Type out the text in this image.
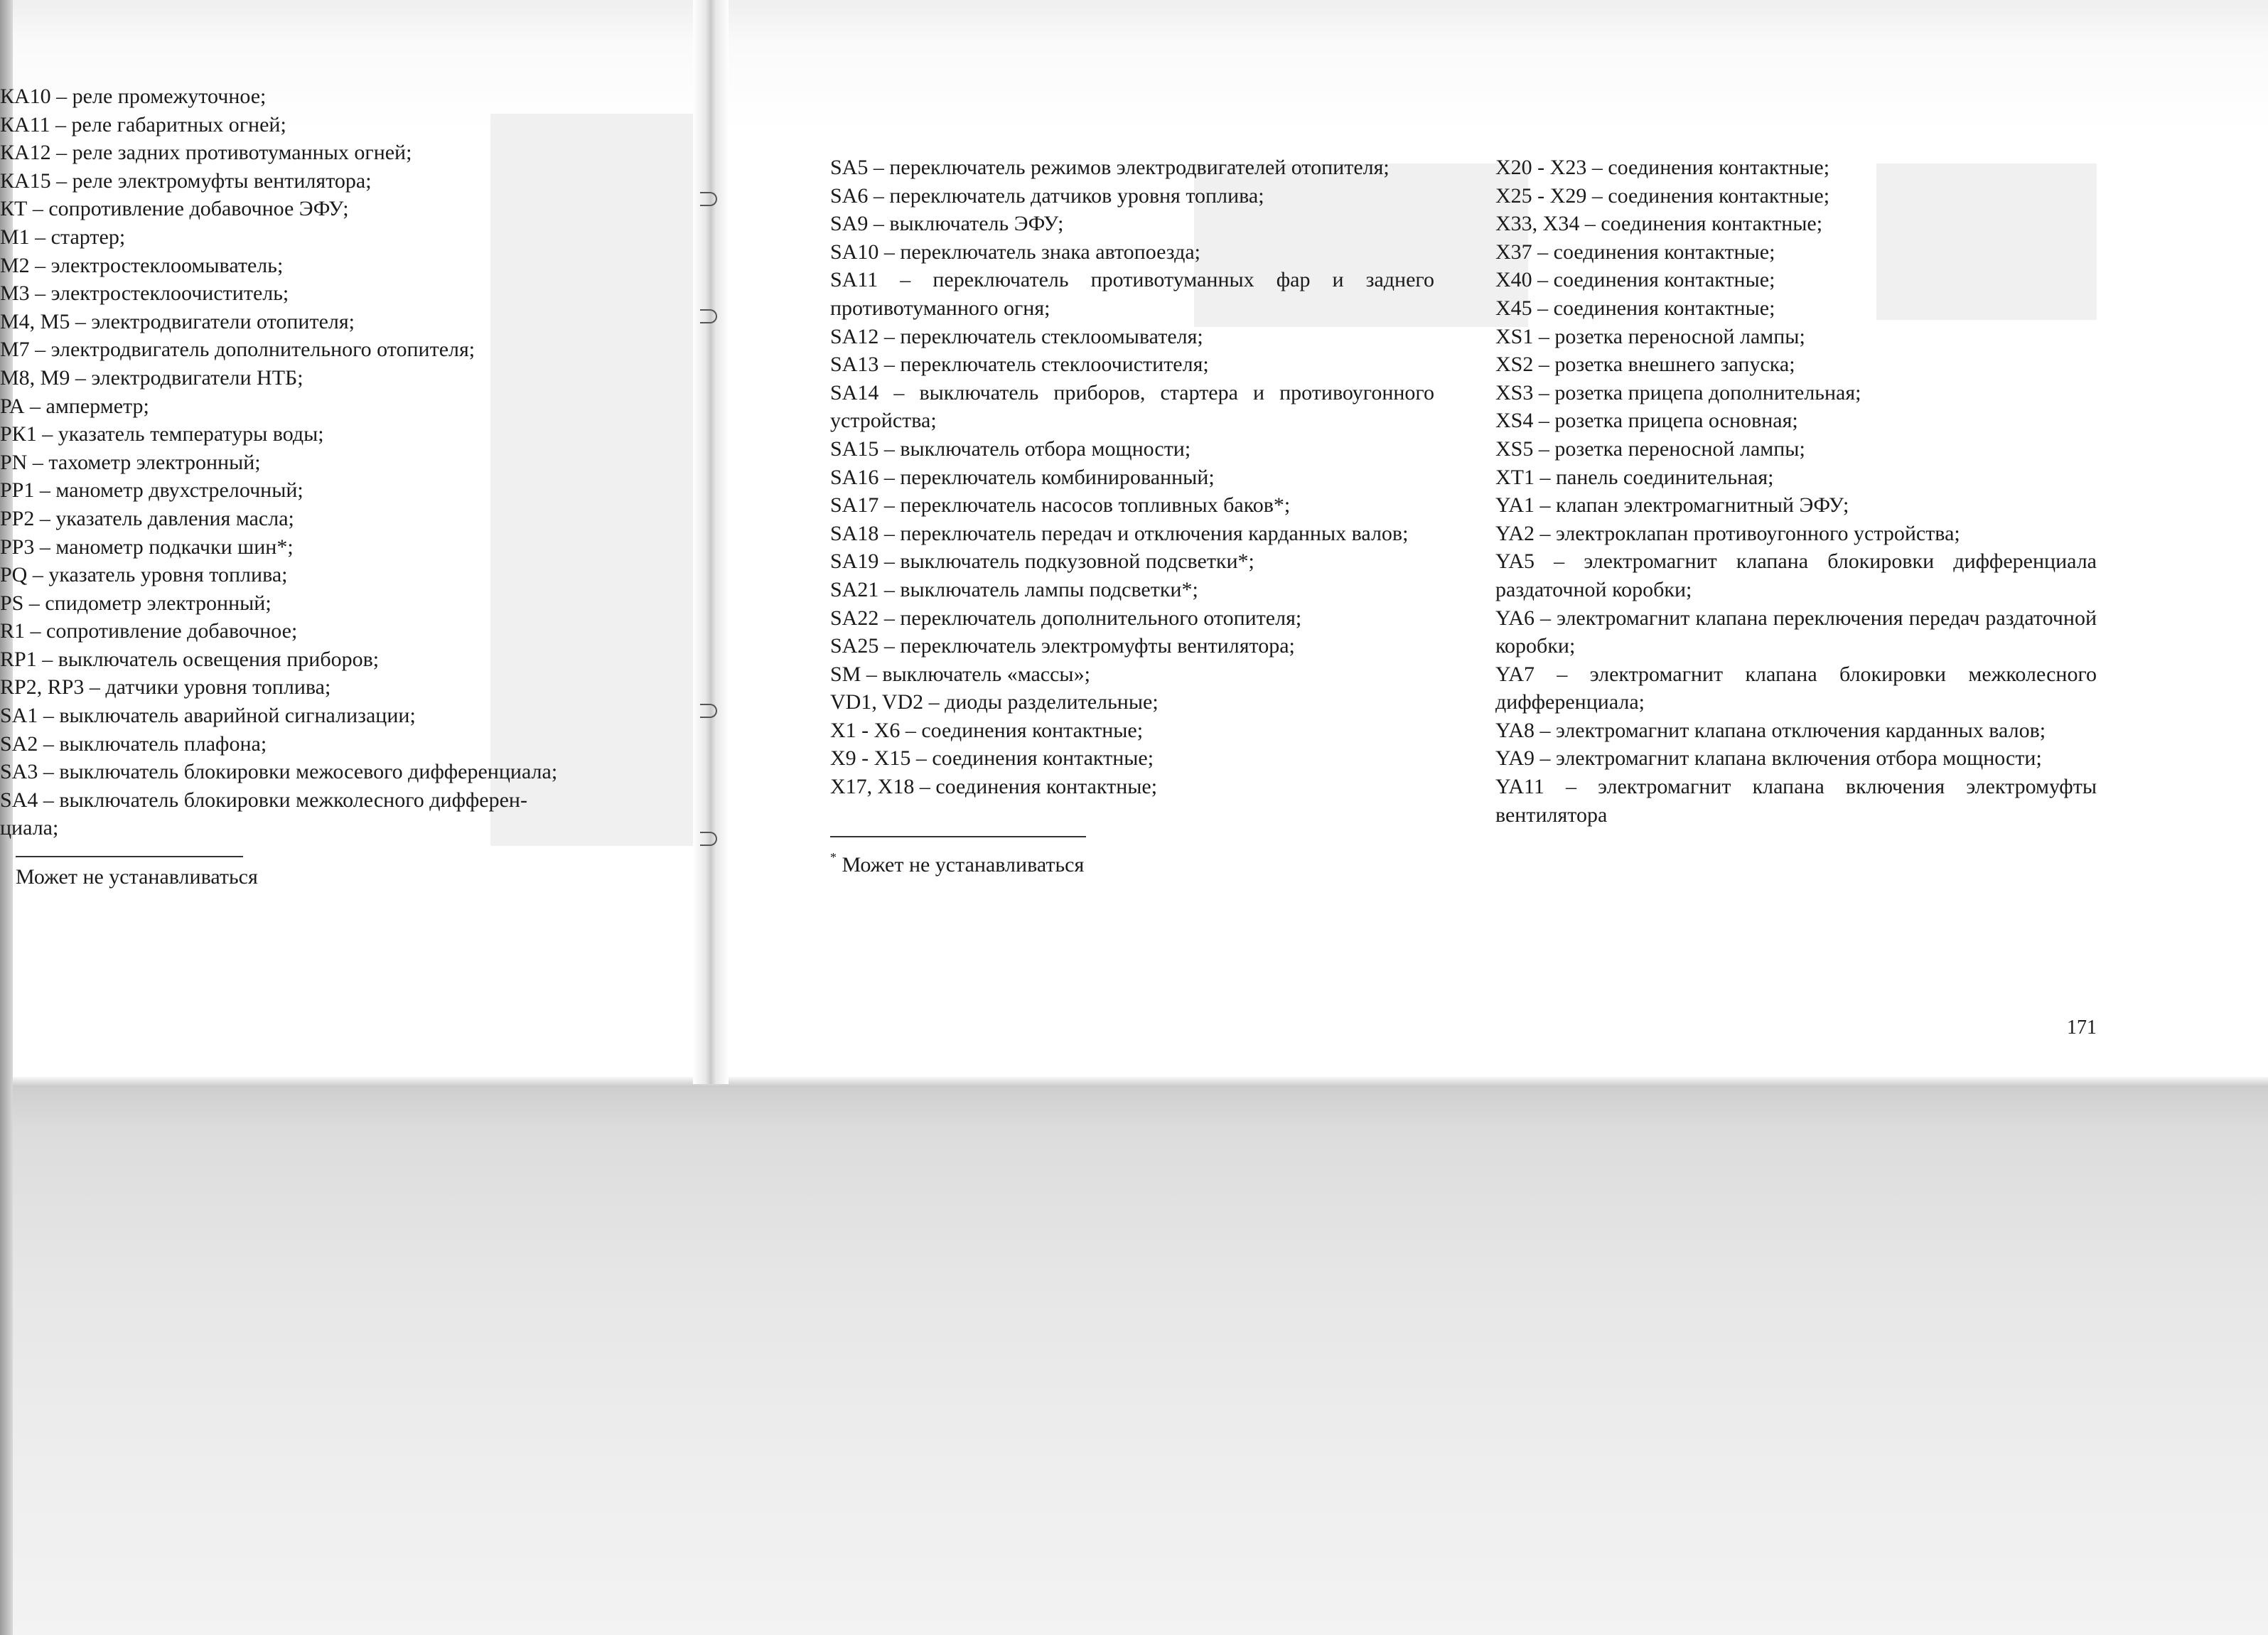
КА10 – реле промежуточное;
КА11 – реле габаритных огней;
КА12 – реле задних противотуманных огней;
КА15 – реле электромуфты вентилятора;
КТ – сопротивление добавочное ЭФУ;
М1 – стартер;
М2 – электростеклоомыватель;
М3 – электростеклоочиститель;
М4, М5 – электродвигатели отопителя;
М7 – электродвигатель дополнительного отопителя;
М8, М9 – электродвигатели НТБ;
РА – амперметр;
РК1 – указатель температуры воды;
РN – тахометр электронный;
РР1 – манометр двухстрелочный;
РР2 – указатель давления масла;
РР3 – манометр подкачки шин*;
РQ – указатель уровня топлива;
РS – спидометр электронный;
R1 – сопротивление добавочное;
RP1 – выключатель освещения приборов;
RP2, RP3 – датчики уровня топлива;
SA1 – выключатель аварийной сигнализации;
SA2 – выключатель плафона;
SA3 – выключатель блокировки межосевого дифференциала;
SA4 – выключатель блокировки межколесного дифферен-
циала;
Может не устанавливаться
SA5 – переключатель режимов электродвигателей отопителя;
SA6 – переключатель датчиков уровня топлива;
SA9 – выключатель ЭФУ;
SA10 – переключатель знака автопоезда;
SA11 – переключатель противотуманных фар и заднего противотуманного огня;
SA12 – переключатель стеклоомывателя;
SA13 – переключатель стеклоочистителя;
SA14 – выключатель приборов, стартера и противоугонного устройства;
SA15 – выключатель отбора мощности;
SA16 – переключатель комбинированный;
SA17 – переключатель насосов топливных баков*;
SA18 – переключатель передач и отключения карданных валов;
SA19 – выключатель подкузовной подсветки*;
SA21 – выключатель лампы подсветки*;
SA22 – переключатель дополнительного отопителя;
SA25 – переключатель электромуфты вентилятора;
SM – выключатель «массы»;
VD1, VD2 – диоды разделительные;
X1 - X6 – соединения контактные;
X9 - X15 – соединения контактные;
X17, X18 – соединения контактные;
* Может не устанавливаться
X20 - X23 – соединения контактные;
X25 - X29 – соединения контактные;
X33, X34 – соединения контактные;
X37 – соединения контактные;
X40 – соединения контактные;
X45 – соединения контактные;
XS1 – розетка переносной лампы;
XS2 – розетка внешнего запуска;
XS3 – розетка прицепа дополнительная;
XS4 – розетка прицепа основная;
XS5 – розетка переносной лампы;
XT1 – панель соединительная;
YA1 – клапан электромагнитный ЭФУ;
YA2 – электроклапан противоугонного устройства;
YA5 – электромагнит клапана блокировки дифференциала раздаточной коробки;
YA6 – электромагнит клапана переключения передач раздаточной коробки;
YA7 – электромагнит клапана блокировки межколесного дифференциала;
YA8 – электромагнит клапана отключения карданных валов;
YA9 – электромагнит клапана включения отбора мощности;
YA11 – электромагнит клапана включения электромуфты вентилятора
171
